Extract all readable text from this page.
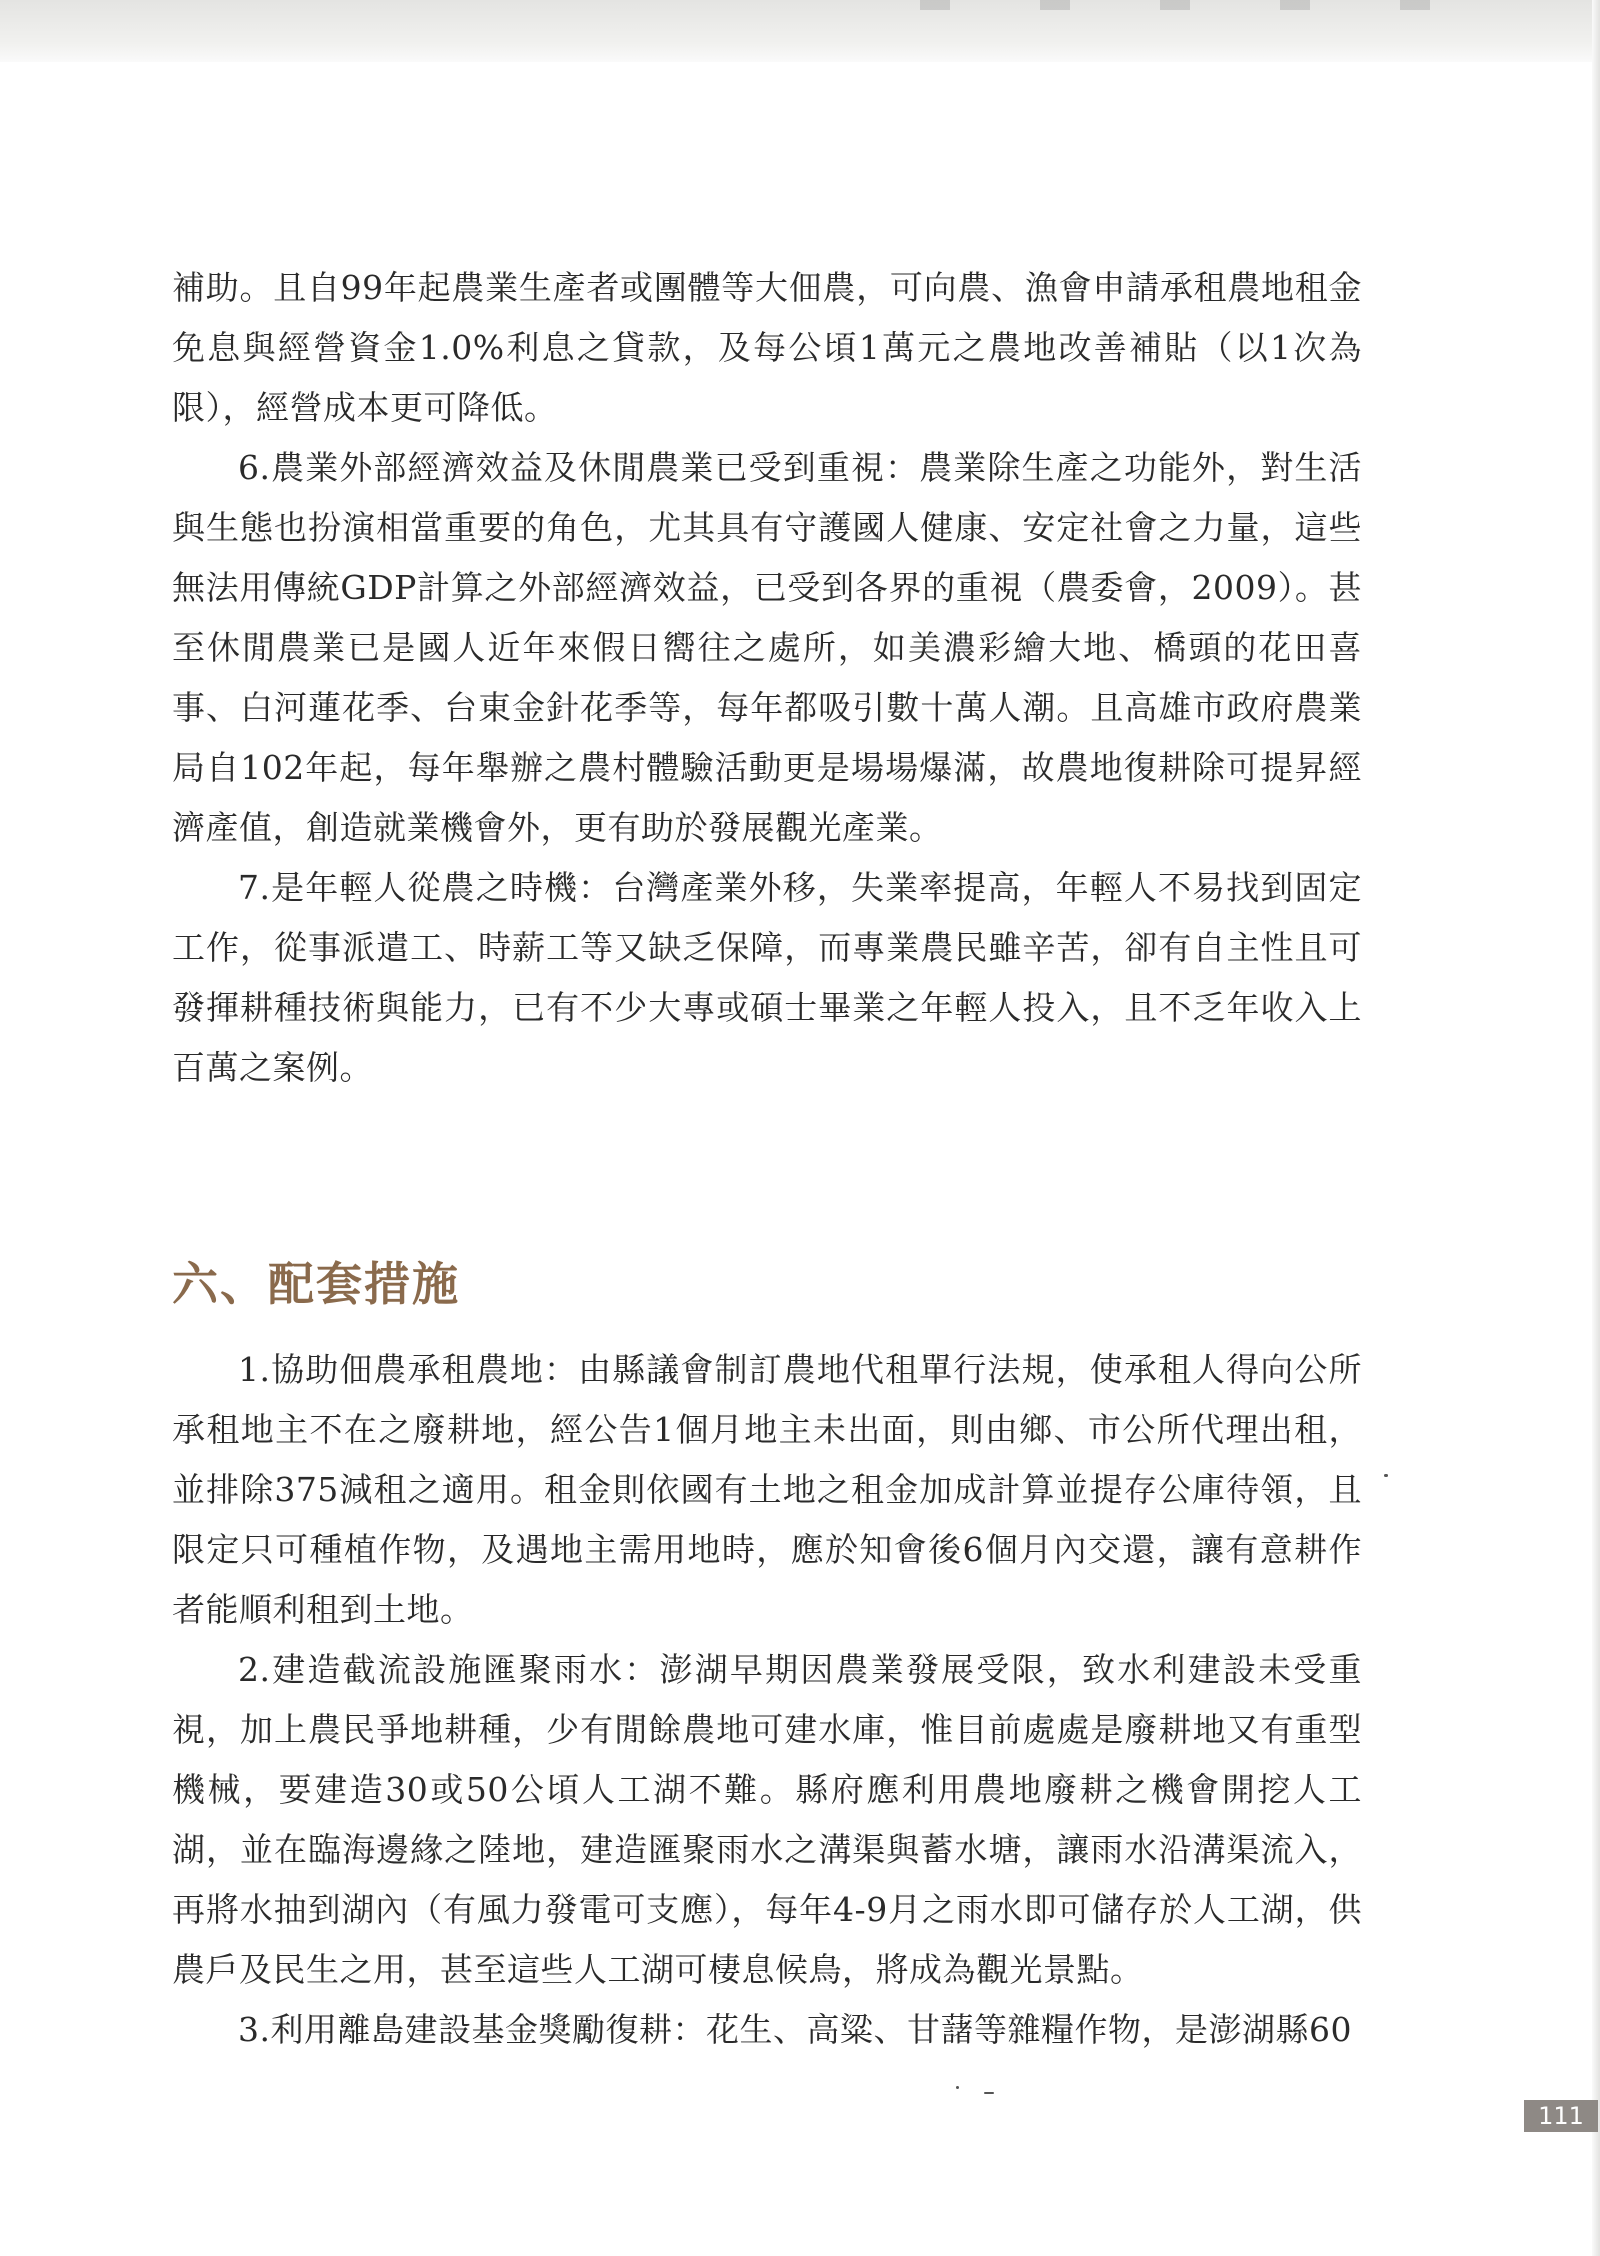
補助。且自99年起農業生產者或團體等大佃農，可向農、漁會申請承租農地租金免息與經營資金1.0%利息之貸款，及每公頃1萬元之農地改善補貼（以1次為限），經營成本更可降低。

6.農業外部經濟效益及休閒農業已受到重視：農業除生產之功能外，對生活與生態也扮演相當重要的角色，尤其具有守護國人健康、安定社會之力量，這些無法用傳統GDP計算之外部經濟效益，已受到各界的重視（農委會，2009）。甚至休閒農業已是國人近年來假日嚮往之處所，如美濃彩繪大地、橋頭的花田喜事、白河蓮花季、台東金針花季等，每年都吸引數十萬人潮。且高雄市政府農業局自102年起，每年舉辦之農村體驗活動更是場場爆滿，故農地復耕除可提昇經濟產值，創造就業機會外，更有助於發展觀光產業。

7.是年輕人從農之時機：台灣產業外移，失業率提高，年輕人不易找到固定工作，從事派遣工、時薪工等又缺乏保障，而專業農民雖辛苦，卻有自主性且可發揮耕種技術與能力，已有不少大專或碩士畢業之年輕人投入，且不乏年收入上百萬之案例。

六、配套措施

1.協助佃農承租農地：由縣議會制訂農地代租單行法規，使承租人得向公所承租地主不在之廢耕地，經公告1個月地主未出面，則由鄉、市公所代理出租，並排除375減租之適用。租金則依國有土地之租金加成計算並提存公庫待領，且限定只可種植作物，及遇地主需用地時，應於知會後6個月內交還，讓有意耕作者能順利租到土地。

2.建造截流設施匯聚雨水：澎湖早期因農業發展受限，致水利建設未受重視，加上農民爭地耕種，少有閒餘農地可建水庫，惟目前處處是廢耕地又有重型機械，要建造30或50公頃人工湖不難。縣府應利用農地廢耕之機會開挖人工湖，並在臨海邊緣之陸地，建造匯聚雨水之溝渠與蓄水塘，讓雨水沿溝渠流入，再將水抽到湖內（有風力發電可支應），每年4-9月之雨水即可儲存於人工湖，供農戶及民生之用，甚至這些人工湖可棲息候鳥，將成為觀光景點。

3.利用離島建設基金獎勵復耕：花生、高粱、甘藷等雜糧作物，是澎湖縣60

111
